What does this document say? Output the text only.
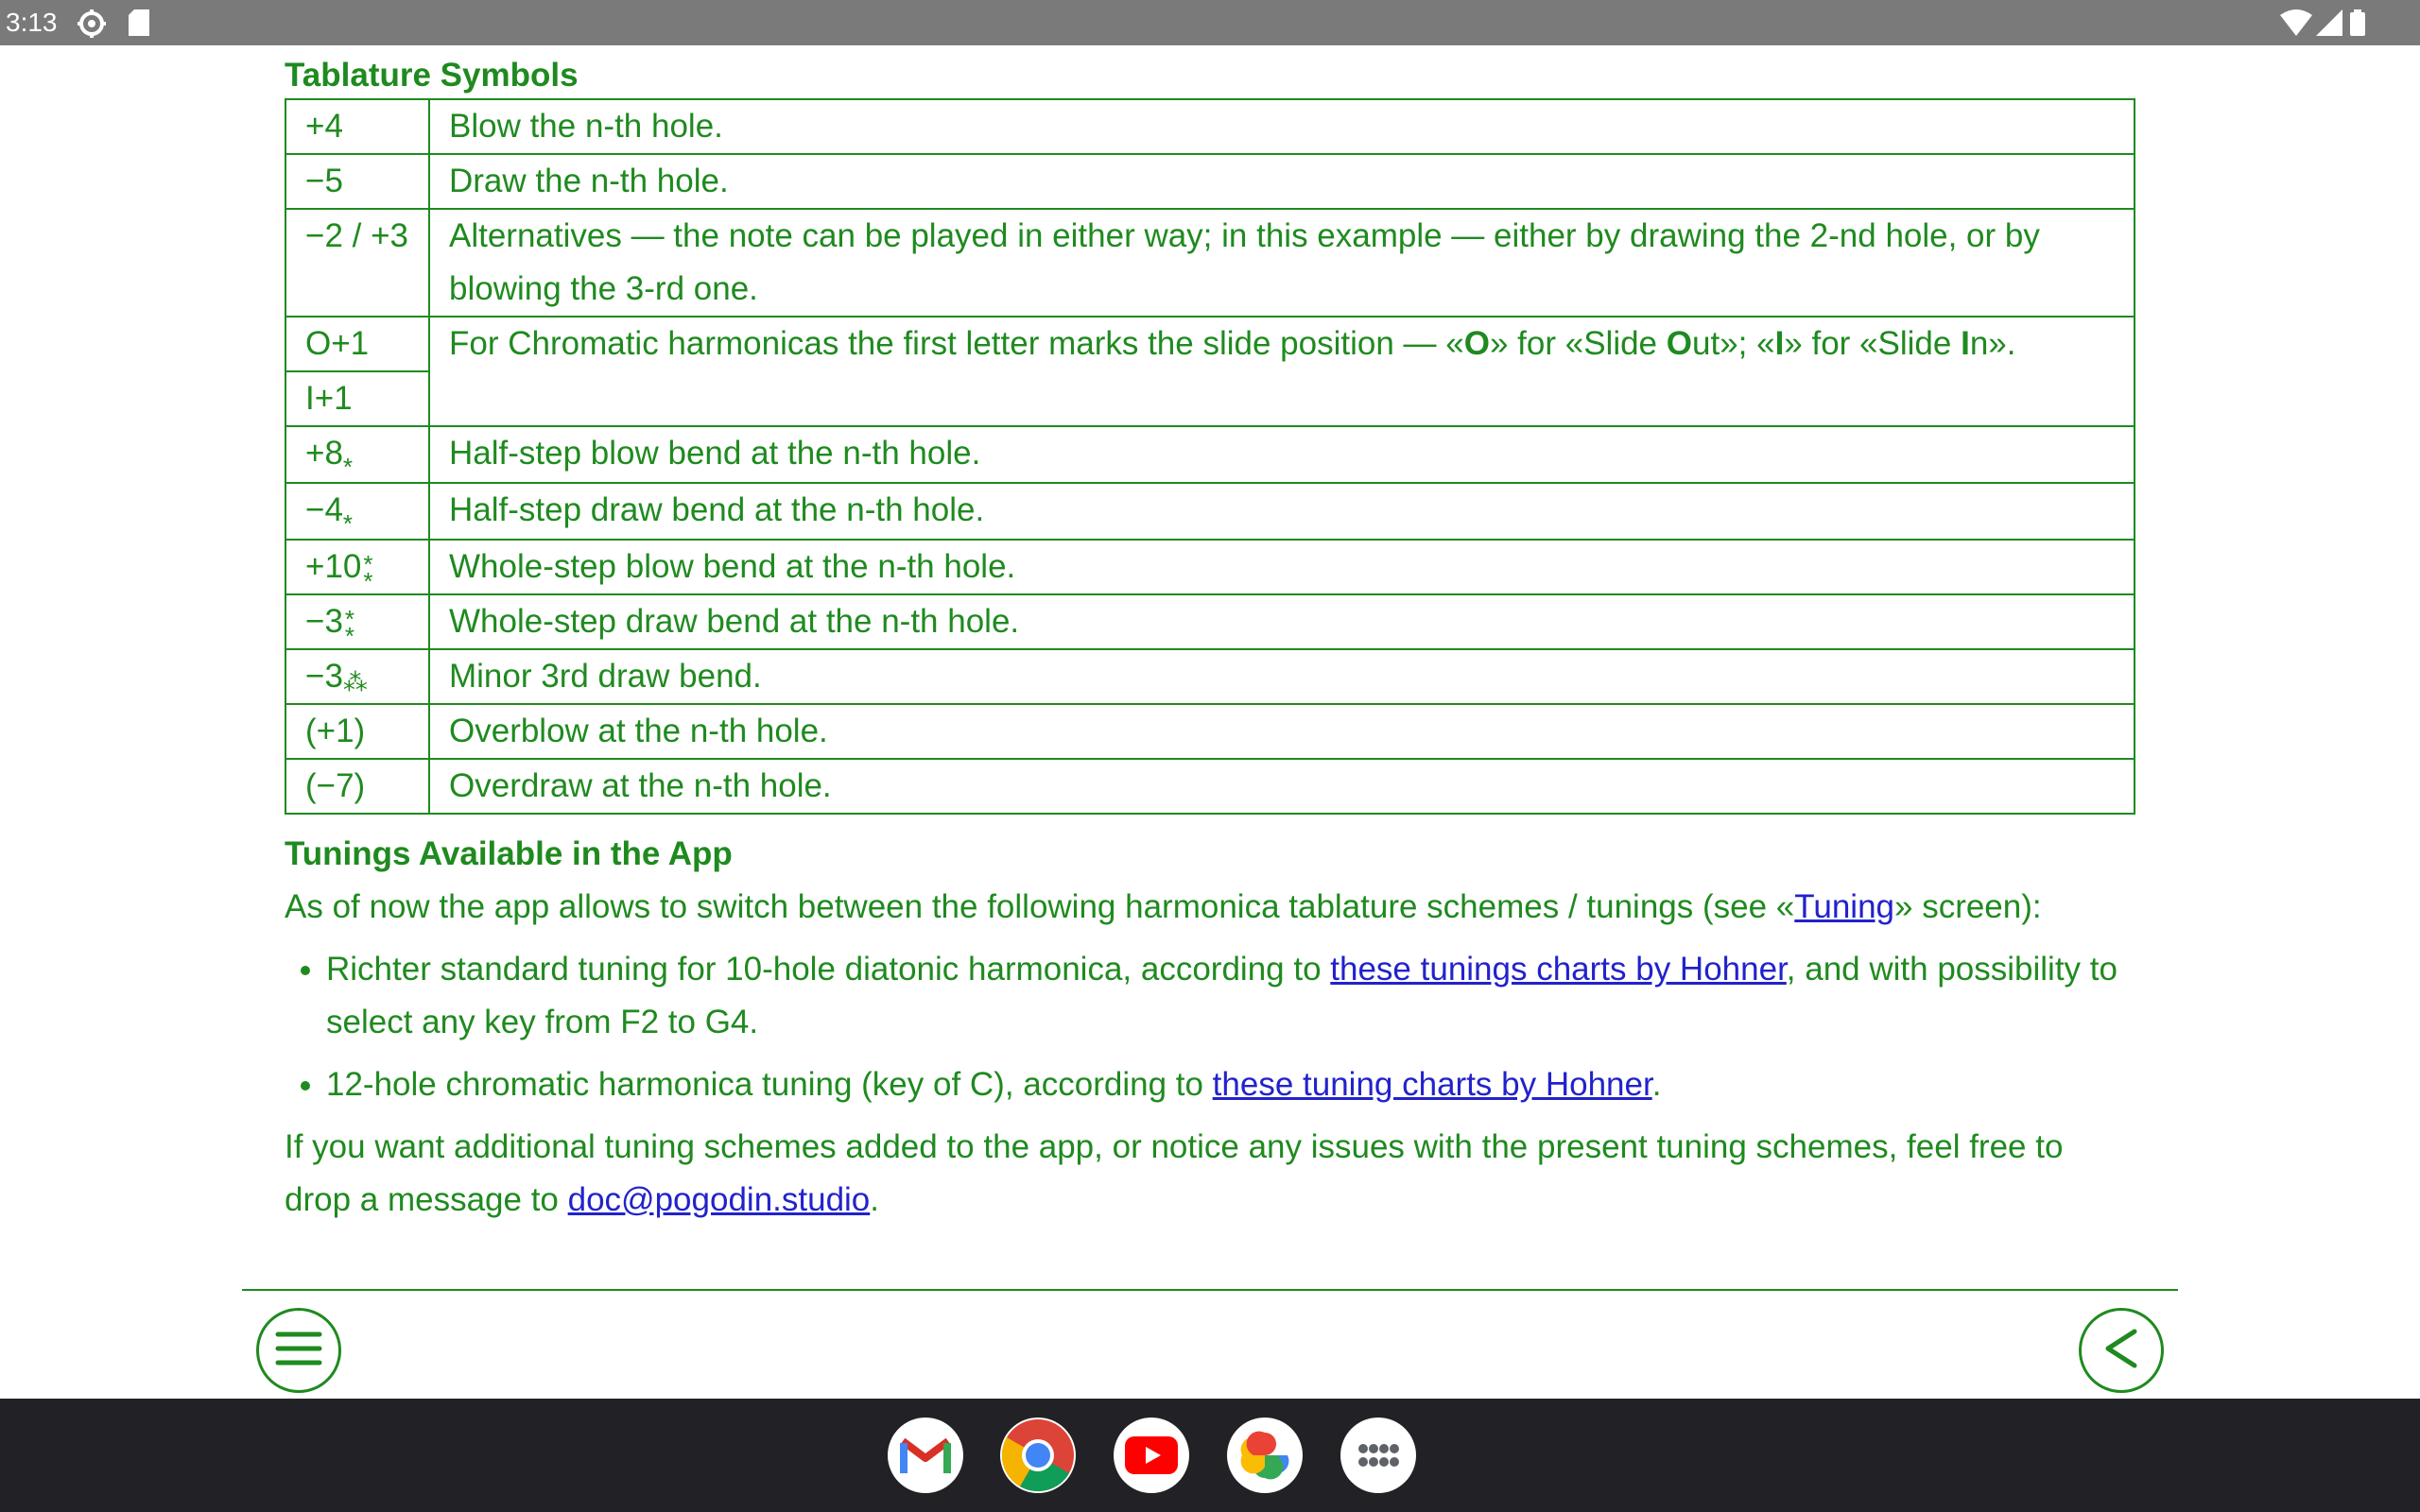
3:13
Tablature Symbols
+4	Blow the n-th hole.
−5	Draw the n-th hole.
−2 / +3	Alternatives — the note can be played in either way; in this example — either by drawing the 2-nd hole, or by blowing the 3-rd one.
O+1	For Chromatic harmonicas the first letter marks the slide position — «O» for «Slide Out»; «I» for «Slide In».
I+1	
$+8_*$	Half-step blow bend at the n-th hole.
$-4_*$	Half-step draw bend at the n-th hole.
+10**	Whole-step blow bend at the n-th hole.
−3**	Whole-step draw bend at the n-th hole.
−3⁂	Minor 3rd draw bend.
(+1)	Overblow at the n-th hole.
(−7)	Overdraw at the n-th hole.
Tunings Available in the App

As of now the app allows to switch between the following harmonica tablature schemes / tunings (see «Tuning» screen):

• Richter standard tuning for 10-hole diatonic harmonica, according to these tunings charts by Hohner, and with possibility to select any key from F2 to G4.
• 12-hole chromatic harmonica tuning (key of C), according to these tuning charts by Hohner.

If you want additional tuning schemes added to the app, or notice any issues with the present tuning schemes, feel free to drop a message to doc@pogodin.studio.
